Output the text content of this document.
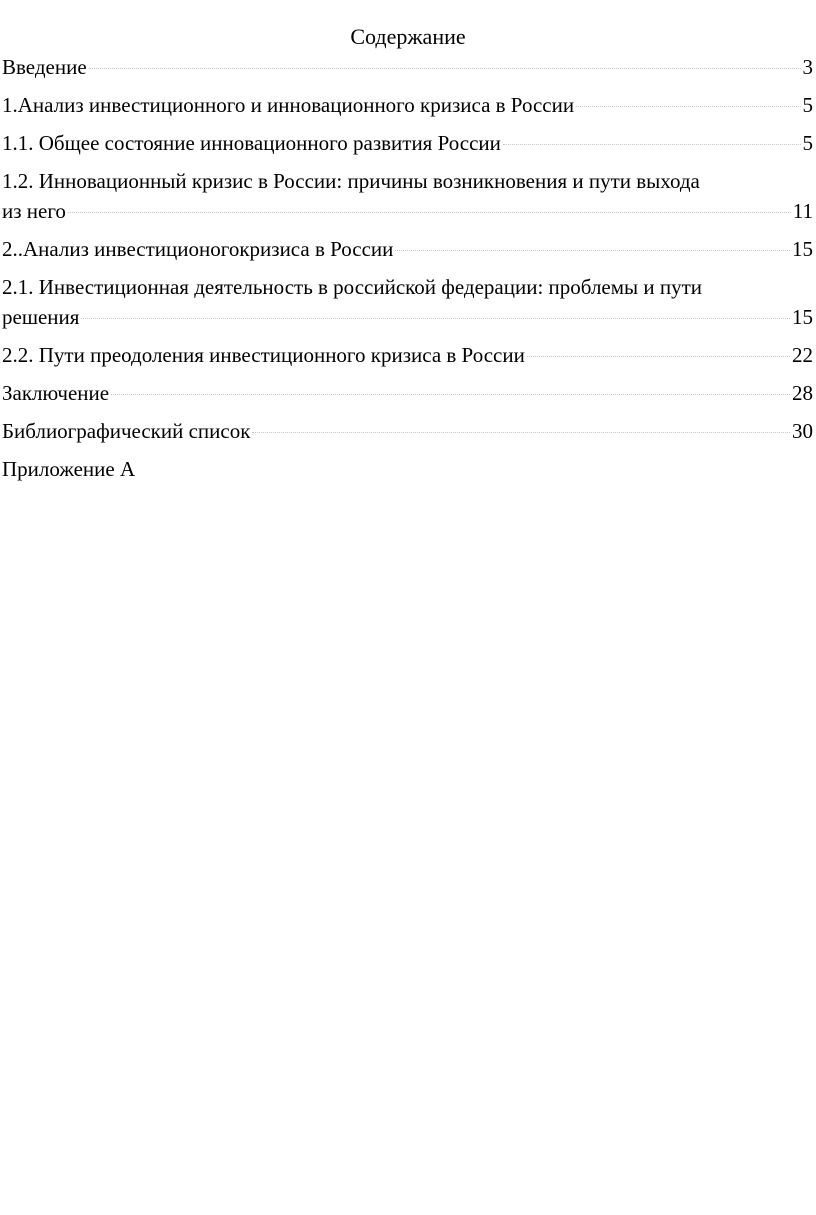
Содержание
Введение	3
1.Анализ инвестиционного и инновационного кризиса в России	5
1.1. Общее состояние инновационного развития России	5
1.2. Инновационный кризис в России: причины возникновения и пути выхода
из него	11
2..Анализ инвестиционогокризиса в России	15
2.1. Инвестиционная деятельность в российской федерации: проблемы и пути
решения	15
2.2. Пути преодоления инвестиционного кризиса в России	22
Заключение	28
Библиографический список	30
Приложение А
